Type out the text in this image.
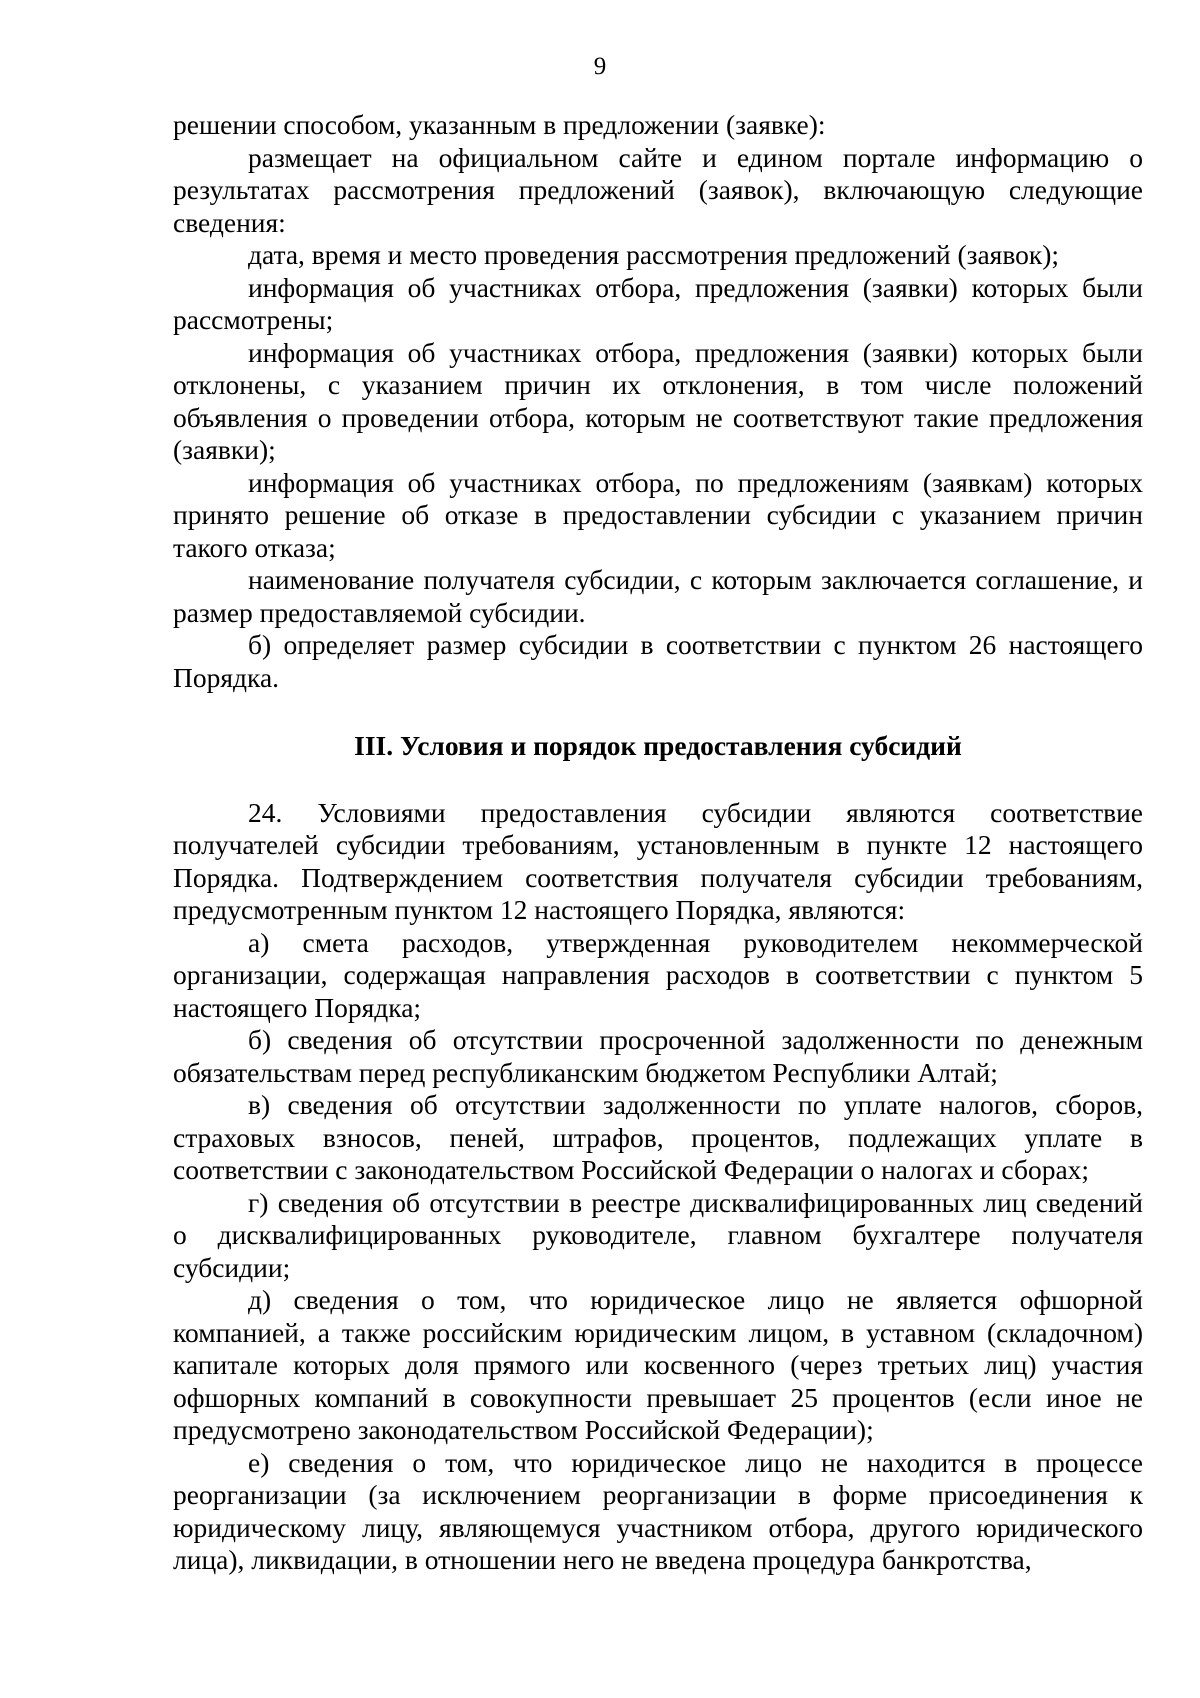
9

решении способом, указанным в предложении (заявке):

размещает на официальном сайте и едином портале информацию о результатах рассмотрения предложений (заявок), включающую следующие сведения:

дата, время и место проведения рассмотрения предложений (заявок);

информация об участниках отбора, предложения (заявки) которых были рассмотрены;

информация об участниках отбора, предложения (заявки) которых были отклонены, с указанием причин их отклонения, в том числе положений объявления о проведении отбора, которым не соответствуют такие предложения (заявки);

информация об участниках отбора, по предложениям (заявкам) которых принято решение об отказе в предоставлении субсидии с указанием причин такого отказа;

наименование получателя субсидии, с которым заключается соглашение, и размер предоставляемой субсидии.

б) определяет размер субсидии в соответствии с пунктом 26 настоящего Порядка.

III. Условия и порядок предоставления субсидий

24. Условиями предоставления субсидии являются соответствие получателей субсидии требованиям, установленным в пункте 12 настоящего Порядка. Подтверждением соответствия получателя субсидии требованиям, предусмотренным пунктом 12 настоящего Порядка, являются:

а) смета расходов, утвержденная руководителем некоммерческой организации, содержащая направления расходов в соответствии с пунктом 5 настоящего Порядка;

б) сведения об отсутствии просроченной задолженности по денежным обязательствам перед республиканским бюджетом Республики Алтай;

в) сведения об отсутствии задолженности по уплате налогов, сборов, страховых взносов, пеней, штрафов, процентов, подлежащих уплате в соответствии с законодательством Российской Федерации о налогах и сборах;

г) сведения об отсутствии в реестре дисквалифицированных лиц сведений о дисквалифицированных руководителе, главном бухгалтере получателя субсидии;

д) сведения о том, что юридическое лицо не является офшорной компанией, а также российским юридическим лицом, в уставном (складочном) капитале которых доля прямого или косвенного (через третьих лиц) участия офшорных компаний в совокупности превышает 25 процентов (если иное не предусмотрено законодательством Российской Федерации);

е) сведения о том, что юридическое лицо не находится в процессе реорганизации (за исключением реорганизации в форме присоединения к юридическому лицу, являющемуся участником отбора, другого юридического лица), ликвидации, в отношении него не введена процедура банкротства,
